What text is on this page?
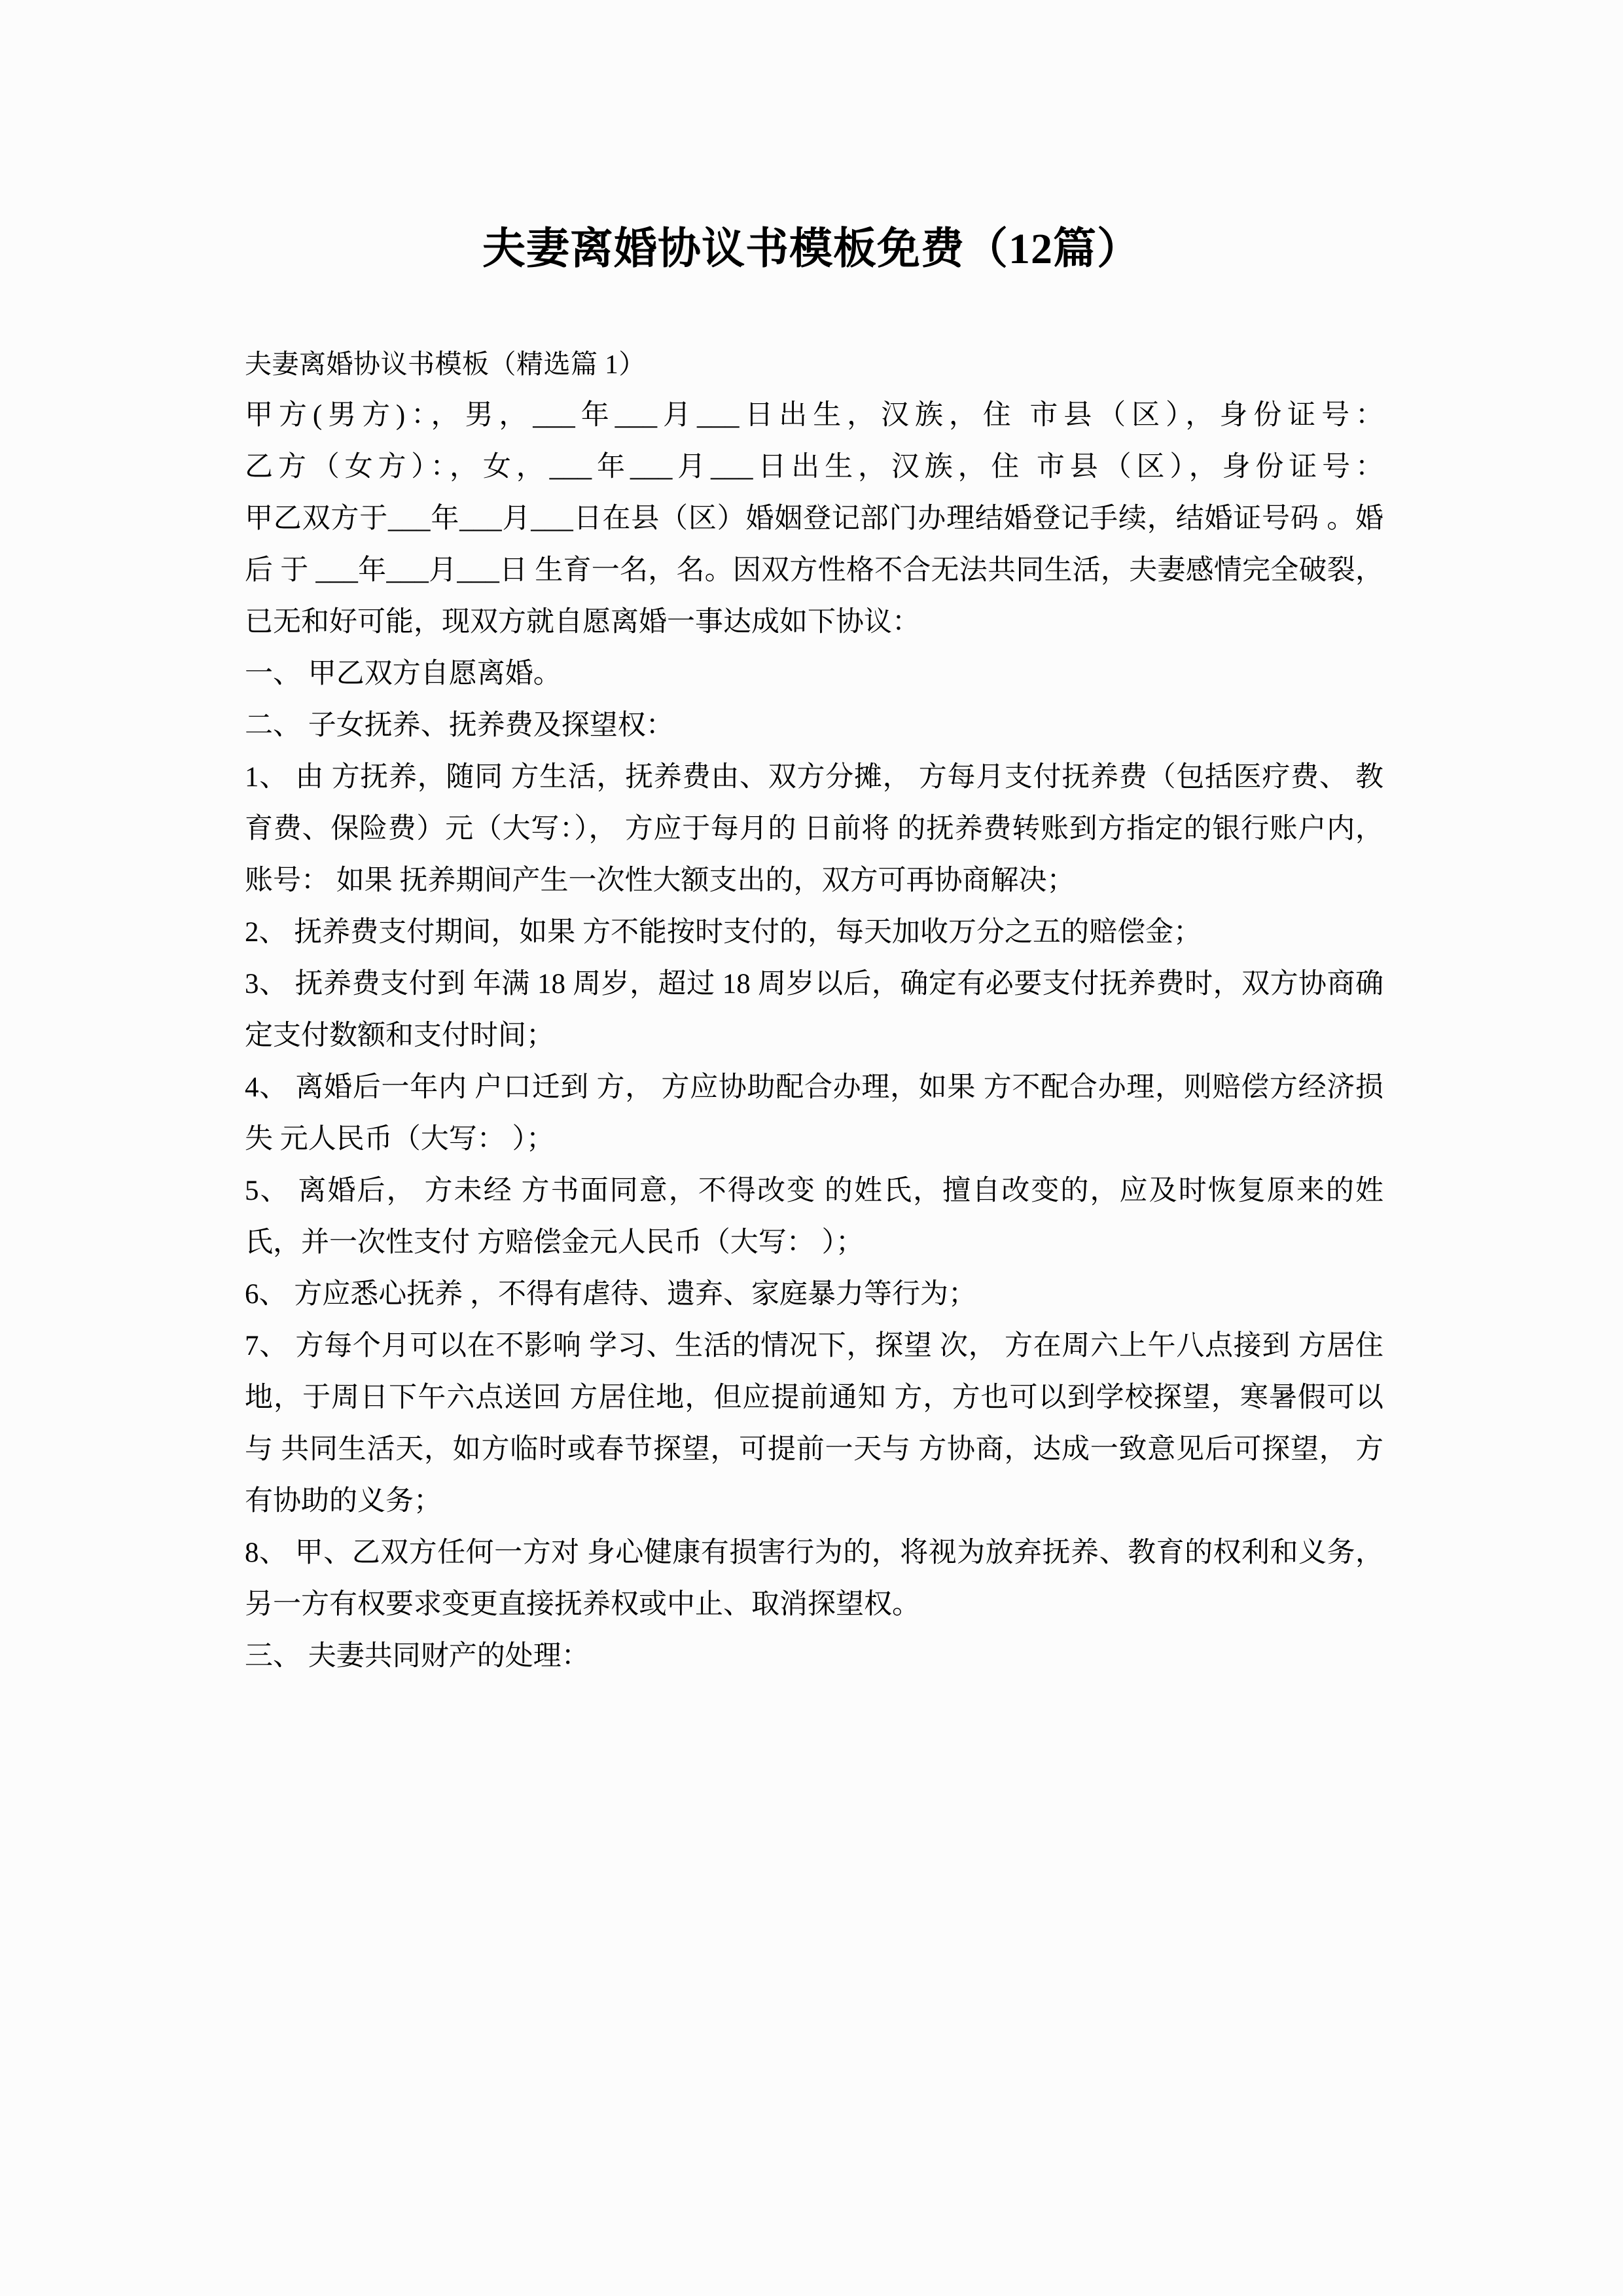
夫妻离婚协议书模板免费（12篇）
夫妻离婚协议书模板（精选篇 1）
甲方(男方)：，男，___年___月___日出生，汉族，住 市县（区），身份证号：
乙方（女方）：，女，___年___月___日出生，汉族，住 市县（区），身份证号：
甲乙双方于___年___月___日在县（区）婚姻登记部门办理结婚登记手续，结婚证号码 。婚后 于 ___年___月___日 生育一名，名。因双方性格不合无法共同生活，夫妻感情完全破裂，已无和好可能，现双方就自愿离婚一事达成如下协议：
一、 甲乙双方自愿离婚。
二、 子女抚养、抚养费及探望权：
1、 由 方抚养，随同 方生活，抚养费由、双方分摊， 方每月支付抚养费（包括医疗费、 教育费、保险费）元（大写：）， 方应于每月的 日前将 的抚养费转账到方指定的银行账户内，账号： 如果 抚养期间产生一次性大额支出的，双方可再协商解决；
2、 抚养费支付期间，如果 方不能按时支付的，每天加收万分之五的赔偿金；
3、 抚养费支付到 年满 18 周岁，超过 18 周岁以后，确定有必要支付抚养费时，双方协商确定支付数额和支付时间；
4、 离婚后一年内 户口迁到 方， 方应协助配合办理，如果 方不配合办理，则赔偿方经济损失 元人民币（大写： ）；
5、 离婚后， 方未经 方书面同意，不得改变 的姓氏，擅自改变的，应及时恢复原来的姓氏，并一次性支付 方赔偿金元人民币（大写： ）；
6、 方应悉心抚养 ，不得有虐待、遗弃、家庭暴力等行为；
7、 方每个月可以在不影响 学习、生活的情况下，探望 次， 方在周六上午八点接到 方居住地，于周日下午六点送回 方居住地，但应提前通知 方，方也可以到学校探望，寒暑假可以与 共同生活天，如方临时或春节探望，可提前一天与 方协商，达成一致意见后可探望， 方有协助的义务；
8、 甲、乙双方任何一方对 身心健康有损害行为的，将视为放弃抚养、教育的权利和义务，另一方有权要求变更直接抚养权或中止、取消探望权。
三、 夫妻共同财产的处理：
